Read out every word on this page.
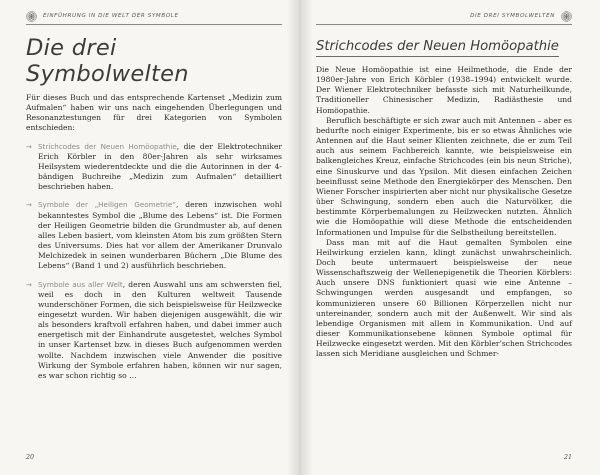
EINFÜHRUNG IN DIE WELT DER SYMBOLE
Die drei Symbolwelten

Für dieses Buch und das entsprechende Kartenset „Medizin zum Aufmalen“ haben wir uns nach eingehenden Überlegungen und Resonanztestungen für drei Kategorien von Symbolen entschieden:

→ Strichcodes der Neuen Homöopathie, die der Elektrotechniker Erich Körbler in den 80er-Jahren als sehr wirksames Heilsystem wiederentdeckte und die die Autorinnen in der 4-bändigen Buchreihe „Medizin zum Aufmalen“ detailliert beschrieben haben.

→ Symbole der „Heiligen Geometrie“, deren inzwischen wohl bekanntestes Symbol die „Blume des Lebens“ ist. Die Formen der Heiligen Geometrie bilden die Grundmuster ab, auf denen alles Leben basiert, vom kleinsten Atom bis zum größten Stern des Universums. Dies hat vor allem der Amerikaner Drunvalo Melchizedek in seinen wunderbaren Büchern „Die Blume des Lebens“ (Band 1 und 2) ausführlich beschrieben.

→ Symbole aus aller Welt, deren Auswahl uns am schwersten fiel, weil es doch in den Kulturen weltweit Tausende wunderschöner Formen, die sich beispielsweise für Heilzwecke eingesetzt wurden. Wir haben diejenigen ausgewählt, die wir als besonders kraftvoll erfahren haben, und dabei immer auch energetisch mit der Einhandrute ausgetestet, welches Symbol in unser Kartenset bzw. in dieses Buch aufgenommen werden wollte. Nachdem inzwischen viele Anwender die positive Wirkung der Symbole erfahren haben, können wir nur sagen, es war schon richtig so …

20
DIE DREI SYMBOLWELTEN
Strichcodes der Neuen Homöopathie

Die Neue Homöopathie ist eine Heilmethode, die Ende der 1980er-Jahre von Erich Körbler (1938–1994) entwickelt wurde. Der Wiener Elektrotechniker befasste sich mit Naturheilkunde, Traditioneller Chinesischer Medizin, Radiästhesie und Homöopathie.

Beruflich beschäftigte er sich zwar auch mit Antennen – aber es bedurfte noch einiger Experimente, bis er so etwas Ähnliches wie Antennen auf die Haut seiner Klienten zeichnete, die er zum Teil auch aus seinem Fachbereich kannte, wie beispielsweise ein balkengleiches Kreuz, einfache Strichcodes (ein bis neun Striche), eine Sinuskurve und das Ypsilon. Mit diesen einfachen Zeichen beeinflusst seine Methode den Energiekörper des Menschen. Den Wiener Forscher inspirierten aber nicht nur physikalische Gesetze über Schwingung, sondern eben auch die Naturvölker, die bestimmte Körperbemalungen zu Heilzwecken nutzten. Ähnlich wie die Homöopathie will diese Methode die entscheidenden Informationen und Impulse für die Selbstheilung bereitstellen.

Dass man mit auf die Haut gemalten Symbolen eine Heilwirkung erzielen kann, klingt zunächst unwahrscheinlich. Doch beute untermauert beispielsweise der neue Wissenschaftszweig der Wellenepigenetik die Theorien Körblers: Auch unsere DNS funktioniert quasi wie eine Antenne – Schwingungen werden ausgesandt und empfangen, so kommunizieren unsere 60 Billionen Körperzellen nicht nur untereinander, sondern auch mit der Außenwelt. Wir sind als lebendige Organismen mit allem in Kommunikation. Und auf dieser Kommunikationsebene können Symbole optimal für Heilzwecke eingesetzt werden. Mit den Körbler’schen Strichcodes lassen sich Meridiane ausgleichen und Schmer-

21
